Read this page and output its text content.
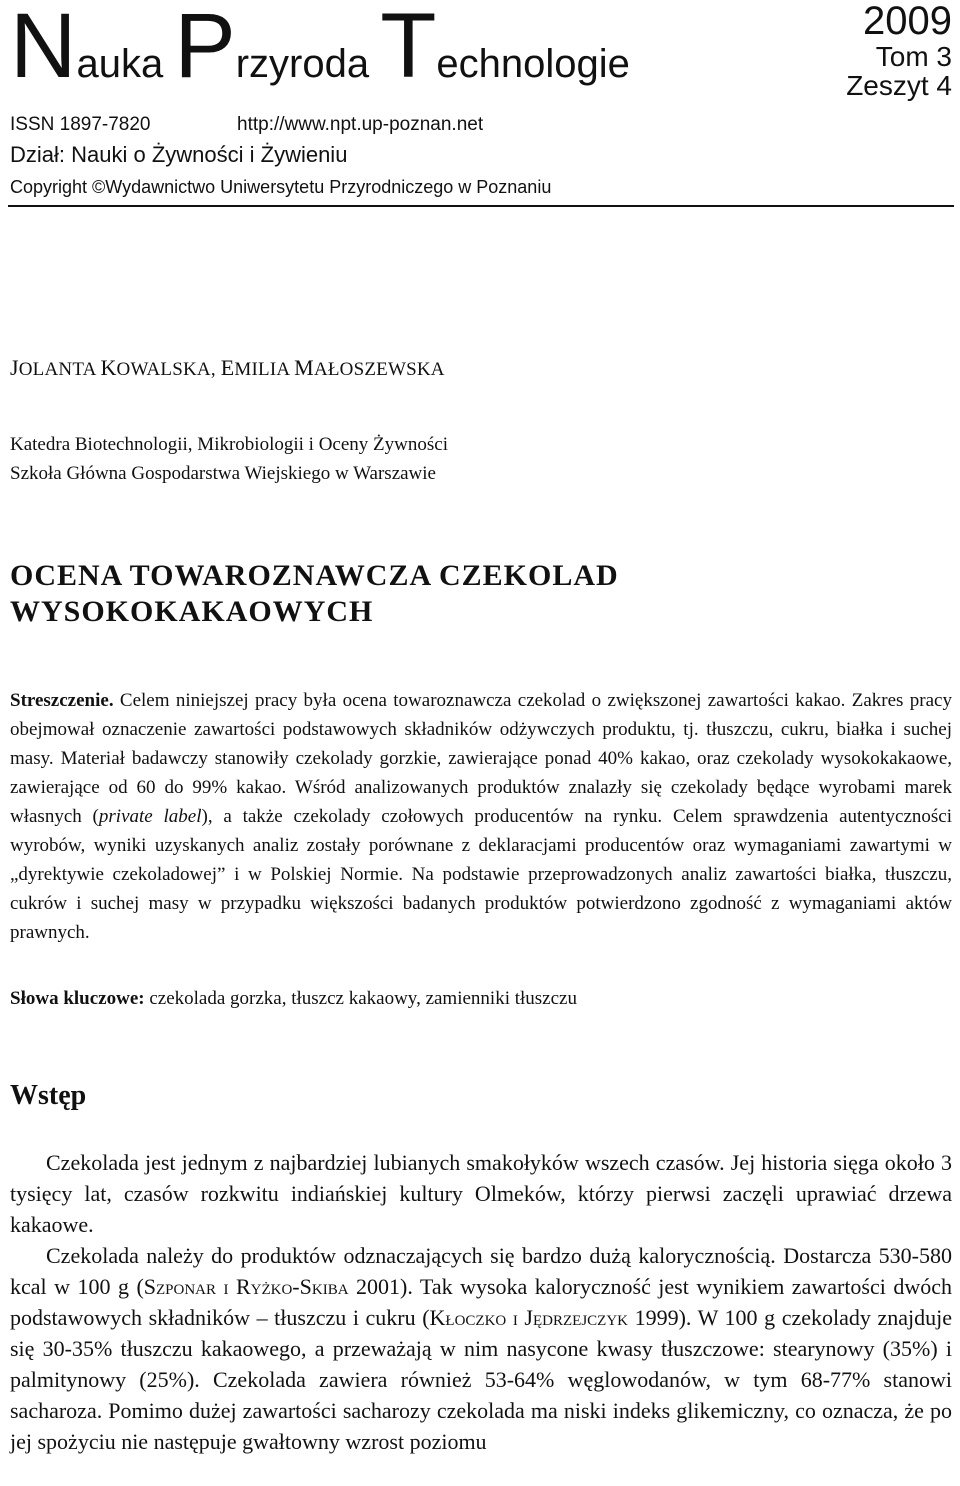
Nauka Przyroda Technologie
2009
Tom 3
Zeszyt 4
ISSN 1897-7820	http://www.npt.up-poznan.net
Dział: Nauki o Żywności i Żywieniu
Copyright ©Wydawnictwo Uniwersytetu Przyrodniczego w Poznaniu
JOLANTA KOWALSKA, EMILIA MAŁOSZEWSKA
Katedra Biotechnologii, Mikrobiologii i Oceny Żywności
Szkoła Główna Gospodarstwa Wiejskiego w Warszawie
OCENA TOWAROZNAWCZA CZEKOLAD
WYSOKOKAKAOWYCH
Streszczenie. Celem niniejszej pracy była ocena towaroznawcza czekolad o zwiększonej zawartości kakao. Zakres pracy obejmował oznaczenie zawartości podstawowych składników odżywczych produktu, tj. tłuszczu, cukru, białka i suchej masy. Materiał badawczy stanowiły czekolady gorzkie, zawierające ponad 40% kakao, oraz czekolady wysokokakaowe, zawierające od 60 do 99% kakao. Wśród analizowanych produktów znalazły się czekolady będące wyrobami marek własnych (private label), a także czekolady czołowych producentów na rynku. Celem sprawdzenia autentyczności wyrobów, wyniki uzyskanych analiz zostały porównane z deklaracjami producentów oraz wymaganiami zawartymi w „dyrektywie czekoladowej” i w Polskiej Normie. Na podstawie przeprowadzonych analiz zawartości białka, tłuszczu, cukrów i suchej masy w przypadku większości badanych produktów potwierdzono zgodność z wymaganiami aktów prawnych.
Słowa kluczowe: czekolada gorzka, tłuszcz kakaowy, zamienniki tłuszczu
Wstęp

Czekolada jest jednym z najbardziej lubianych smakołyków wszech czasów. Jej historia sięga około 3 tysięcy lat, czasów rozkwitu indiańskiej kultury Olmeków, którzy pierwsi zaczęli uprawiać drzewa kakaowe.

Czekolada należy do produktów odznaczających się bardzo dużą kalorycznością. Dostarcza 530-580 kcal w 100 g (Szponar i Ryżko-Skiba 2001). Tak wysoka kaloryczność jest wynikiem zawartości dwóch podstawowych składników – tłuszczu i cukru (Kłoczko i Jędrzejczyk 1999). W 100 g czekolady znajduje się 30-35% tłuszczu kakaowego, a przeważają w nim nasycone kwasy tłuszczowe: stearynowy (35%) i palmitynowy (25%). Czekolada zawiera również 53-64% węglowodanów, w tym 68-77% stanowi sacharoza. Pomimo dużej zawartości sacharozy czekolada ma niski indeks glikemiczny, co oznacza, że po jej spożyciu nie następuje gwałtowny wzrost poziomu
